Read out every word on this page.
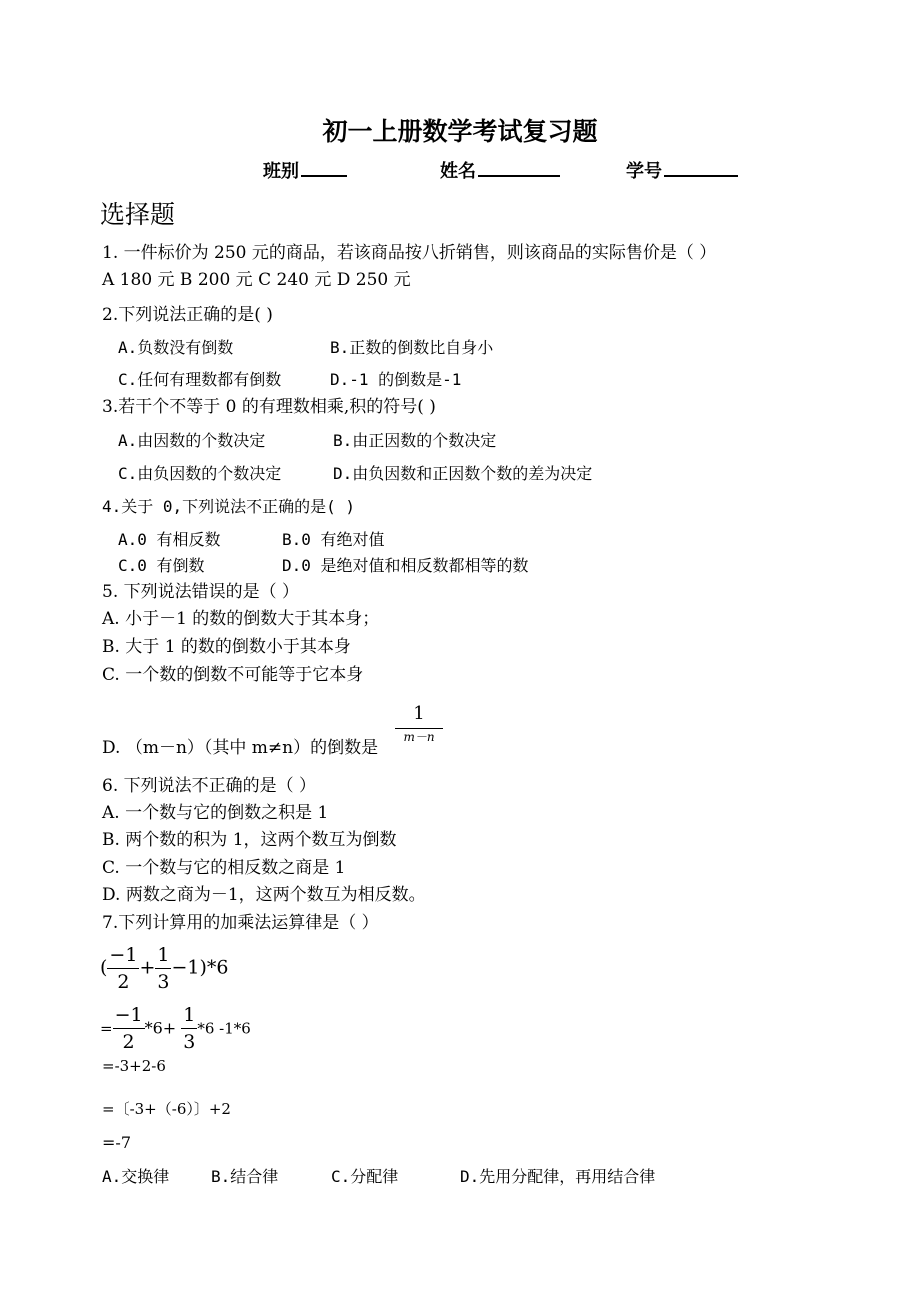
初一上册数学考试复习题
班别	姓名	学号
选择题
1. 一件标价为 250 元的商品，若该商品按八折销售，则该商品的实际售价是（ ）
A 180 元 B 200 元 C 240 元 D 250 元
2.下列说法正确的是( )
A.负数没有倒数	B.正数的倒数比自身小
C.任何有理数都有倒数	D.-1 的倒数是-1
3.若干个不等于 0 的有理数相乘,积的符号( )
A.由因数的个数决定	B.由正因数的个数决定
C.由负因数的个数决定	D.由负因数和正因数个数的差为决定
4.关于 0,下列说法不正确的是( )
A.0 有相反数	B.0 有绝对值
C.0 有倒数	D.0 是绝对值和相反数都相等的数
5. 下列说法错误的是（ ）
A. 小于－1 的数的倒数大于其本身；
B. 大于 1 的数的倒数小于其本身
C. 一个数的倒数不可能等于它本身
D. （m－n）（其中 m≠n）的倒数是
1
m－n
6. 下列说法不正确的是（ ）
A. 一个数与它的倒数之积是 1
B. 两个数的积为 1，这两个数互为倒数
C. 一个数与它的相反数之商是 1
D. 两数之商为－1，这两个数互为相反数。
7.下列计算用的加乘法运算律是（ ）
( $\frac{-1}{2} + \frac{1}{3} -1)*6$
= $\frac{-1}{2} *6+ \frac{1}{3} *6$ -1*6
=-3+2-6
=〔-3+（-6）〕+2
=-7
A.交换律	B.结合律	C.分配律	D.先用分配律，再用结合律
